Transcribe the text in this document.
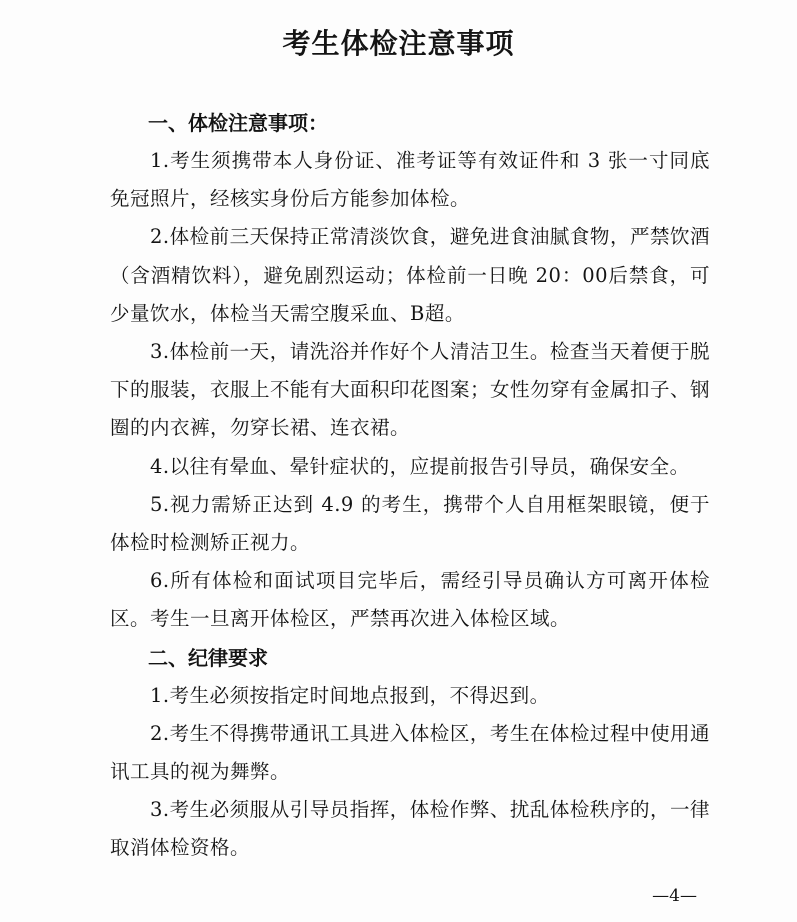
考生体检注意事项
一、体检注意事项：

1.考生须携带本人身份证、准考证等有效证件和 3 张一寸同底免冠照片，经核实身份后方能参加体检。

2.体检前三天保持正常清淡饮食，避免进食油腻食物，严禁饮酒（含酒精饮料），避免剧烈运动；体检前一日晚 20：00后禁食，可少量饮水，体检当天需空腹采血、B超。

3.体检前一天，请洗浴并作好个人清洁卫生。检查当天着便于脱下的服装，衣服上不能有大面积印花图案；女性勿穿有金属扣子、钢圈的内衣裤，勿穿长裙、连衣裙。

4.以往有晕血、晕针症状的，应提前报告引导员，确保安全。

5.视力需矫正达到 4.9 的考生，携带个人自用框架眼镜，便于体检时检测矫正视力。

6.所有体检和面试项目完毕后，需经引导员确认方可离开体检区。考生一旦离开体检区，严禁再次进入体检区域。

二、纪律要求

1.考生必须按指定时间地点报到，不得迟到。

2.考生不得携带通讯工具进入体检区，考生在体检过程中使用通讯工具的视为舞弊。

3.考生必须服从引导员指挥，体检作弊、扰乱体检秩序的，一律取消体检资格。

—4—
